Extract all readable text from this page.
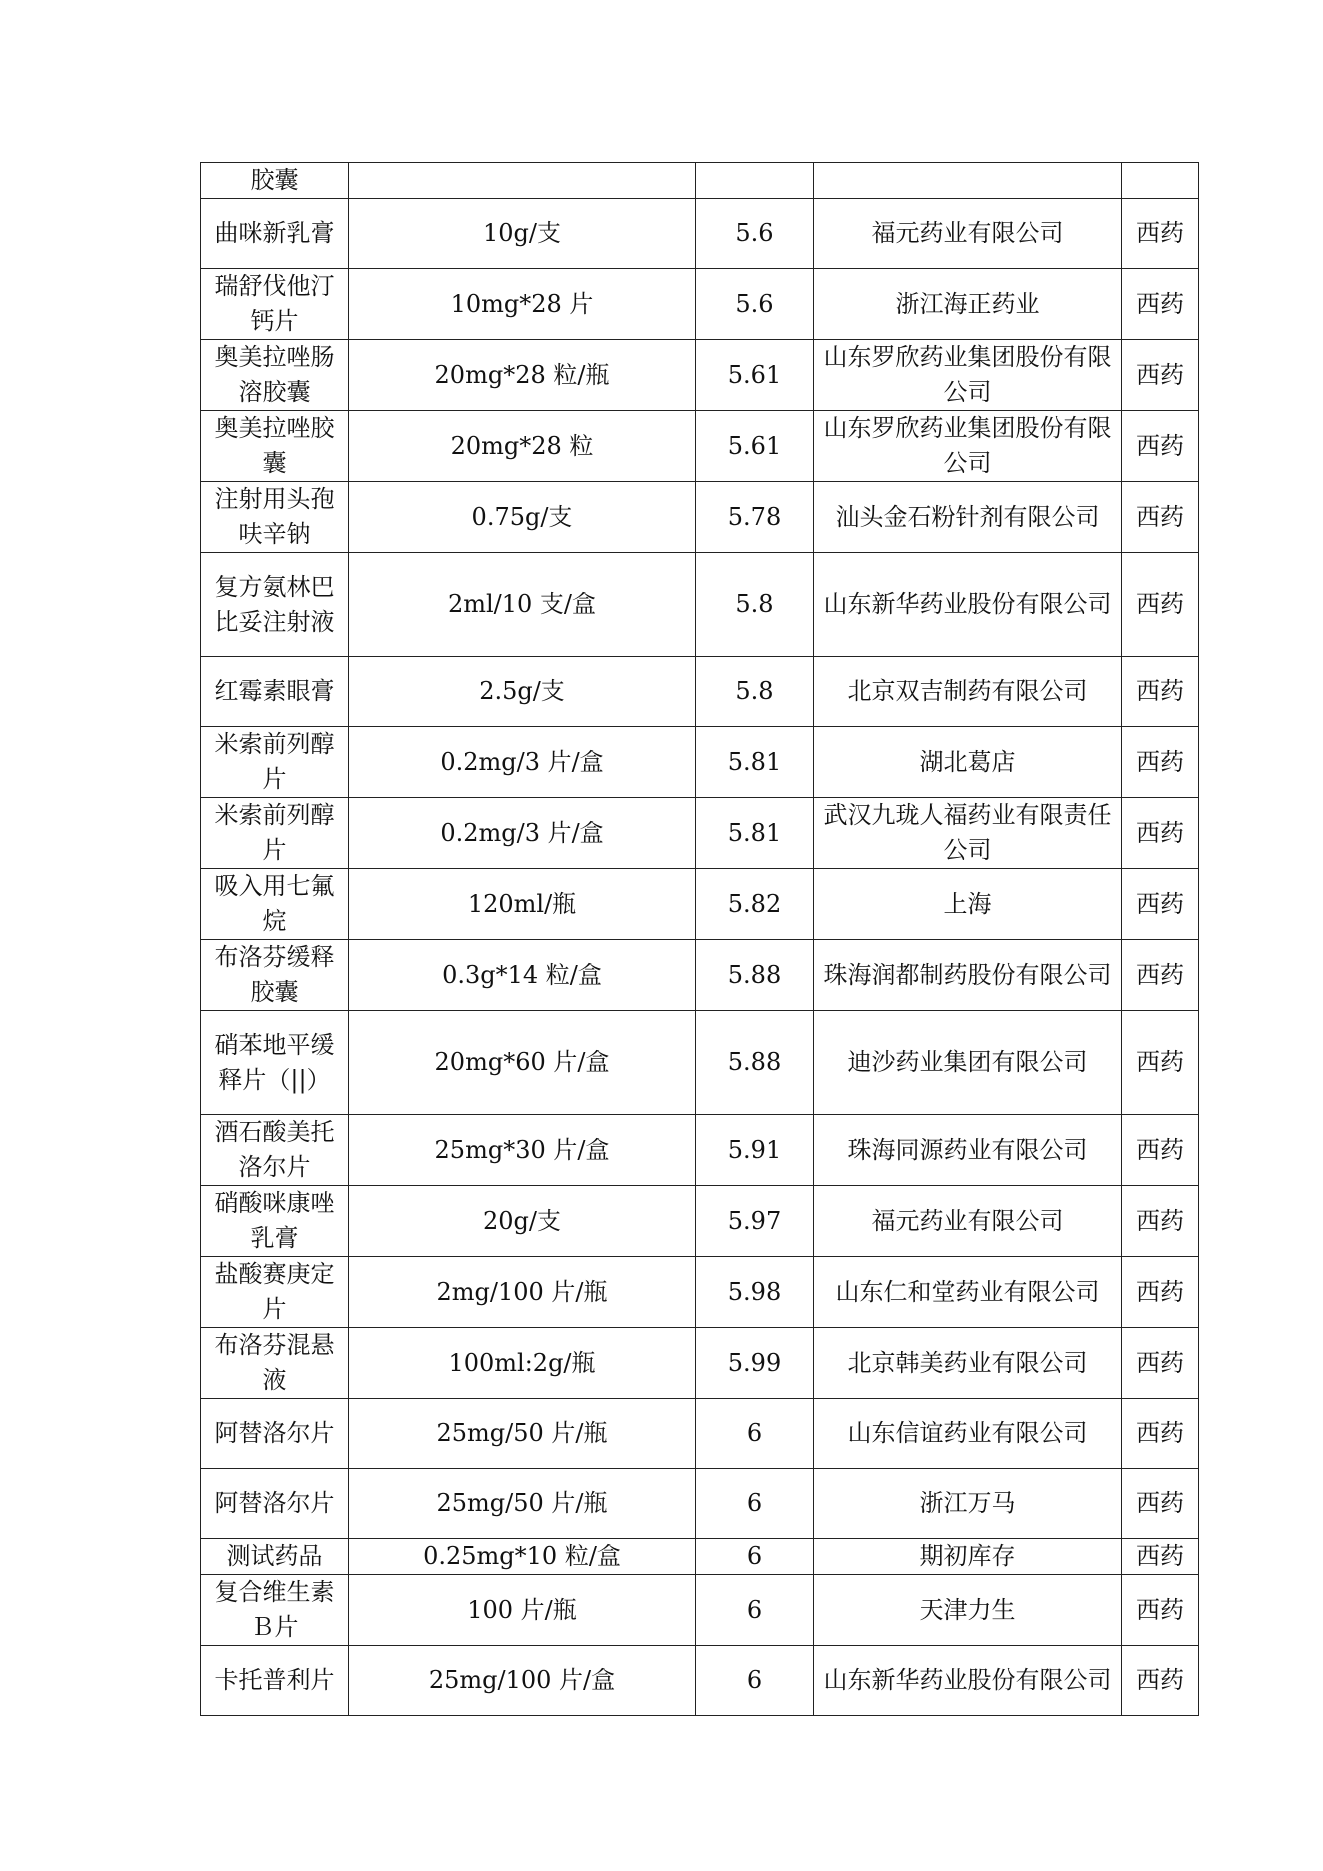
胶囊				
曲咪新乳膏	10g/支	5.6	福元药业有限公司	西药
瑞舒伐他汀钙片	10mg*28 片	5.6	浙江海正药业	西药
奥美拉唑肠溶胶囊	20mg*28 粒/瓶	5.61	山东罗欣药业集团股份有限公司	西药
奥美拉唑胶囊	20mg*28 粒	5.61	山东罗欣药业集团股份有限公司	西药
注射用头孢呋辛钠	0.75g/支	5.78	汕头金石粉针剂有限公司	西药
复方氨林巴比妥注射液	2ml/10 支/盒	5.8	山东新华药业股份有限公司	西药
红霉素眼膏	2.5g/支	5.8	北京双吉制药有限公司	西药
米索前列醇片	0.2mg/3 片/盒	5.81	湖北葛店	西药
米索前列醇片	0.2mg/3 片/盒	5.81	武汉九珑人福药业有限责任公司	西药
吸入用七氟烷	120ml/瓶	5.82	上海	西药
布洛芬缓释胶囊	0.3g*14 粒/盒	5.88	珠海润都制药股份有限公司	西药
硝苯地平缓释片（||）	20mg*60 片/盒	5.88	迪沙药业集团有限公司	西药
酒石酸美托洛尔片	25mg*30 片/盒	5.91	珠海同源药业有限公司	西药
硝酸咪康唑乳膏	20g/支	5.97	福元药业有限公司	西药
盐酸赛庚定片	2mg/100 片/瓶	5.98	山东仁和堂药业有限公司	西药
布洛芬混悬液	100ml:2g/瓶	5.99	北京韩美药业有限公司	西药
阿替洛尔片	25mg/50 片/瓶	6	山东信谊药业有限公司	西药
阿替洛尔片	25mg/50 片/瓶	6	浙江万马	西药
测试药品	0.25mg*10 粒/盒	6	期初库存	西药
复合维生素Ｂ片	100 片/瓶	6	天津力生	西药
卡托普利片	25mg/100 片/盒	6	山东新华药业股份有限公司	西药
